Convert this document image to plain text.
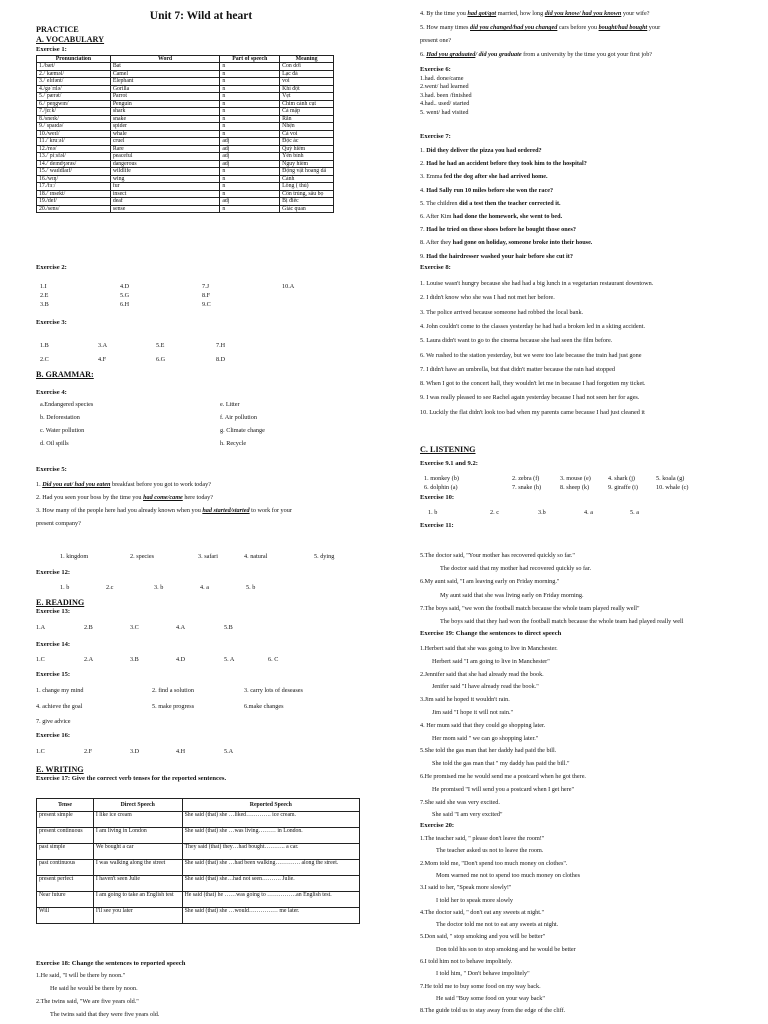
Unit 7: Wild at heart
PRACTICE
A. VOCABULARY
Exercise 1:
Pronunciation	Word	Part of speech	Meaning
1./bæt/	Bat	n	Con dơi
2./ˈkæməl/	Camel	n	Lạc đà
3./ˈelɪfənt/	Elephant	n	voi
4./gəˈrɪlə/	Gorilla	n	Khỉ đột
5./ˈpærət/	Parrot	n	Vẹt
6./ˈpeŋgwɪn/	Penguin	n	Chim cánh cụt
7./ʃɑːk/	shark	n	Cá mập
8./sneɪk/	snake	n	Rắn
9./ˈspaɪdə/	spider	n	Nhện
10./weɪl/	whale	n	Cá voi
11./ˈkruːəl/	cruel	adj	Độc ác
12./reə/	Rare	adj	Quý hiếm
13./ˈpiːsfəl/	peaceful	adj	Yên bình
14./ˈdeɪndʒərəs/	dangerous	adj	Nguy hiểm
15./ˈwaɪldlaɪf/	wildlife	n	Động vật hoang dã
16./wɪŋ/	wing	n	Cánh
17./fɜː/	fur	n	Lông ( thú)
18./ˈɪnsekt/	insect	n	Côn trùng, sâu bọ
19./def/	deaf	adj	Bị điếc
20./sens/	sense	n	Giác quan
Exercise 2:
1.I
2.E
3.B
4.D
5.G
6.H
7.J
8.F
9.C
10.A
Exercise 3:
1.B	3.A	5.E	7.H
2.C	4.F	6.G	8.D
B. GRAMMAR:
Exercise 4:
a.Endangered species
b. Deforestation
c. Water pollution
d. Oil spills
e. Litter
f. Air pollution
g. Climate change
h. Recycle
Exercise 5:
1. Did you eat/ had you eaten breakfast before you got to work today?
2. Had you seen your boss by the time you had come/came here today?
3. How many of the people here had you already known when you had started/started to work for your
present company?
1. kingdom	2. species	3. safari	4. natural	5. dying
Exercise 12:
1. b	2.c	3. b	4. a	5. b
E. READING
Exercise 13:
1.A	2.B	3.C	4.A	5.B
Exercise 14:
1.C	2.A	3.B	4.D	5. A	6. C
Exercise 15:
1. change my mind	2. find a solution	3. carry lots of deseases
4. achieve the goal	5. make progress	6.make changes
7. give advice
Exercise 16:
1.C	2.F	3.D	4.H	5.A
E. WRITING
Exercise 17: Give the correct verb tenses for the reported sentences.
Tense	Direct Speech	Reported Speech
present simple	I like ice cream	She said (that) she …liked…………. ice cream.
present continuous	I am living in London	She said (that) she …was living……… in London.
past simple	We bought a car	They said (that) they…had bought……….. a car.
past continuous	I was walking along the street	She said (that) she …had been walking…………. along the street.
present perfect	I haven't seen Julie	She said (that) she…had not seen………. Julie.
Near future	I am going to take an English test	He said (that) he ……was going to ……………an English test.
Will	I'll see you later	She said (that) she …would…………… me later.
Exercise 18: Change the sentences to reported speech
1.He said, "I will be there by noon."
He said he would be there by noon.
2.The twins said, "We are five years old."
The twins said that they were five years old.
4. By the time you had got/got married, how long did you know/ had you known your wife?
5. How many times did you changed/had you changed cars before you bought/had bought your
present one?
6. Had you graduated/ did you graduate from a university by the time you got your first job?
Exercise 6:
1.had. done/came
2.went/ had learned
3.had. been /finished
4.had.. used/ started
5. went/ had visited
Exercise 7:
1. Did they deliver the pizza you had ordered?
2. Had he had an accident before they took him to the hospital?
3. Emma fed the dog after she had arrived home.
4. Had Sally run 10 miles before she won the race?
5. The children did a test then the teacher corrected it.
6. After Kim had done the homework, she went to bed.
7. Had he tried on these shoes before he bought those ones?
8. After they had gone on holiday, someone broke into their house.
9. Had the hairdresser washed your hair before she cut it?
Exercise 8:
1. Louise wasn't hungry because she had had a big lunch in a vegetarian restaurant downtown.
2. I didn't know who she was I had not met her before.
3. The police arrived because someone had robbed the local bank.
4. John couldn't come to the classes yesterday he had had a broken led in a skiing accident.
5. Laura didn't want to go to the cinema because she had seen the film before.
6. We rushed to the station yesterday, but we were too late because the train had just gone
7. I didn't have an umbrella, but that didn't matter because the rain had stopped
8. When I got to the concert hall, they wouldn't let me in because I had forgotten my ticket.
9. I was really pleased to see Rachel again yesterday because I had not seen her for ages.
10. Luckily the flat didn't look too bad when my parents came because I had just cleaned it
C. LISTENING
Exercise 9.1 and 9.2:
1. monkey (b)	2. zebra (f)	3. mouse (e)	4. shark (j)	5. koala (g)
6. dolphin (a)	7. snake (h)	8. sheep (k)	9. giraffe (i)	10. whale (c)
Exercise 10:
1. b	2. c	3.b	4. a	5. a
Exercise 11:
5.The doctor said, "Your mother has recovered quickly so far."
The doctor said that my mother had recovered quickly so far.
6.My aunt said, "I am leaving early on Friday morning."
My aunt said that she was living early on Friday morning.
7.The boys said, "we won the football match because the whole team played really well"
The boys said that they had won the football match because the whole team had played really well
Exercise 19: Change the sentences to direct speech
1.Herbert said that she was going to live in Manchester.
Herbert said "I am going to live in Manchester"
2.Jennifer said that she had already read the book.
Jenifer said "I have already read the book."
3.Jim said he hoped it wouldn't rain.
Jim said "I hope it will not rain."
4. Her mum said that they could go shopping later.
Her mom said " we can go shopping later."
5.She told the gas man that her daddy had paid the bill.
She told the gas man that " my daddy has paid the bill."
6.He promised me he would send me a postcard when he got there.
He promised "I will send you a postcard when I get here"
7.She said she was very excited.
She said "I am very excited"
Exercise 20:
1.The teacher said, " please don't leave the room!"
The teacher asked us not to leave the room.
2.Mom told me, "Don't spend too much money on clothes".
Mom warned me not to spend too much money on clothes
3.I said to her, "Speak more slowly!"
I told her to speak more slowly
4.The doctor said, " don't eat any sweets at night."
The doctor told me not to eat any sweets at night.
5.Don said, " stop smoking and you will be better"
Don told his son to stop smoking and he would be better
6.I told him not to behave impolitely.
I told him, " Don't behave impolitely"
7.He told me to buy some food on my way back.
He said "Buy some food on your way back"
8.The guide told us to stay away from the edge of the cliff.
